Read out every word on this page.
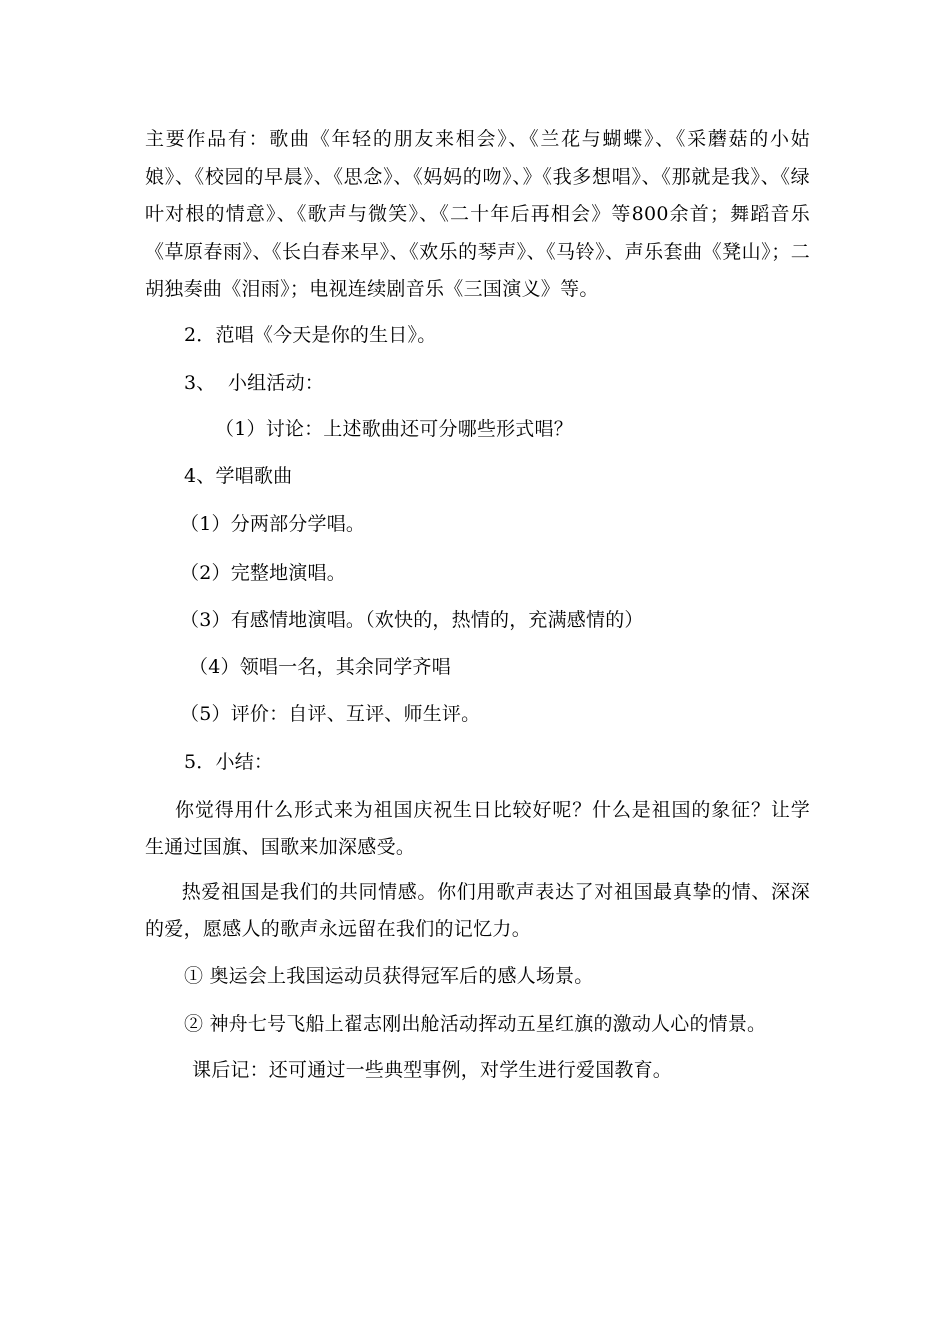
主要作品有：歌曲《年轻的朋友来相会》、《兰花与蝴蝶》、《采蘑菇的小姑娘》、《校园的早晨》、《思念》、《妈妈的吻》、》《我多想唱》、《那就是我》、《绿叶对根的情意》、《歌声与微笑》、《二十年后再相会》等800余首；舞蹈音乐《草原春雨》、《长白春来早》、《欢乐的琴声》、《马铃》、声乐套曲《凳山》；二胡独奏曲《泪雨》；电视连续剧音乐《三国演义》等。

2．范唱《今天是你的生日》。
3、  小组活动：
（1）讨论：上述歌曲还可分哪些形式唱？
4、学唱歌曲
（1）分两部分学唱。
（2）完整地演唱。
（3）有感情地演唱。（欢快的，热情的，充满感情的）
（4）领唱一名，其余同学齐唱
（5）评价：自评、互评、师生评。
5．小结：

你觉得用什么形式来为祖国庆祝生日比较好呢？什么是祖国的象征？让学生通过国旗、国歌来加深感受。

热爱祖国是我们的共同情感。你们用歌声表达了对祖国最真挚的情、深深的爱，愿感人的歌声永远留在我们的记忆力。

① 奥运会上我国运动员获得冠军后的感人场景。
② 神舟七号飞船上翟志刚出舱活动挥动五星红旗的激动人心的情景。
课后记：还可通过一些典型事例，对学生进行爱国教育。
